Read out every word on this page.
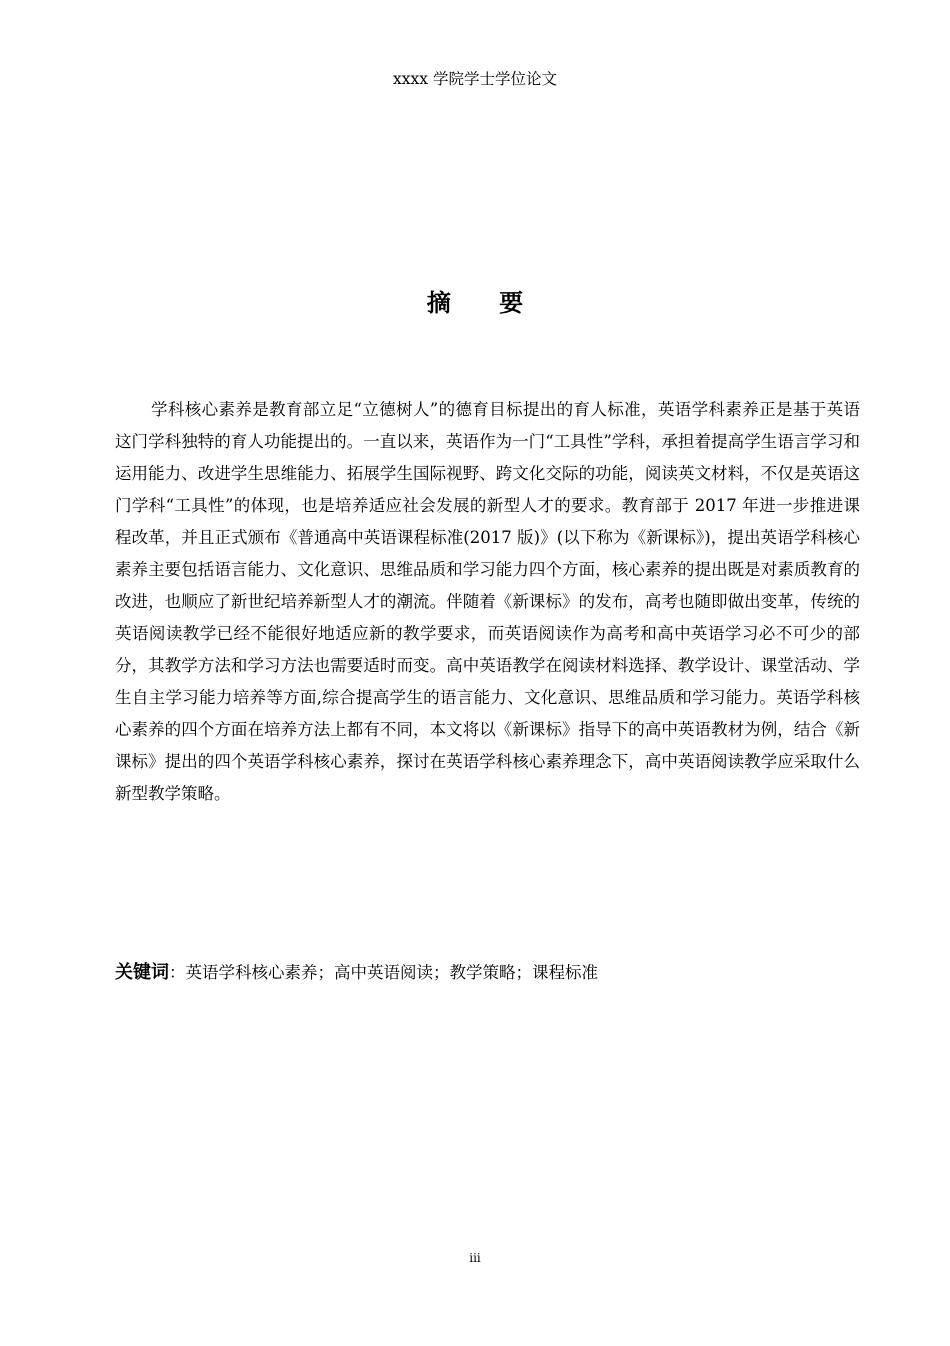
xxxx 学院学士学位论文
摘 要

学科核心素养是教育部立足“立德树人”的德育目标提出的育人标准，英语学科素养正是基于英语这门学科独特的育人功能提出的。一直以来，英语作为一门“工具性”学科，承担着提高学生语言学习和运用能力、改进学生思维能力、拓展学生国际视野、跨文化交际的功能，阅读英文材料，不仅是英语这门学科“工具性”的体现，也是培养适应社会发展的新型人才的要求。教育部于 2017 年进一步推进课程改革，并且正式颁布《普通高中英语课程标准(2017 版)》(以下称为《新课标》)，提出英语学科核心素养主要包括语言能力、文化意识、思维品质和学习能力四个方面，核心素养的提出既是对素质教育的改进，也顺应了新世纪培养新型人才的潮流。伴随着《新课标》的发布，高考也随即做出变革，传统的英语阅读教学已经不能很好地适应新的教学要求，而英语阅读作为高考和高中英语学习必不可少的部分，其教学方法和学习方法也需要适时而变。高中英语教学在阅读材料选择、教学设计、课堂活动、学生自主学习能力培养等方面,综合提高学生的语言能力、文化意识、思维品质和学习能力。英语学科核心素养的四个方面在培养方法上都有不同，本文将以《新课标》指导下的高中英语教材为例，结合《新课标》提出的四个英语学科核心素养，探讨在英语学科核心素养理念下，高中英语阅读教学应采取什么新型教学策略。

关键词：英语学科核心素养；高中英语阅读；教学策略；课程标准
iii
